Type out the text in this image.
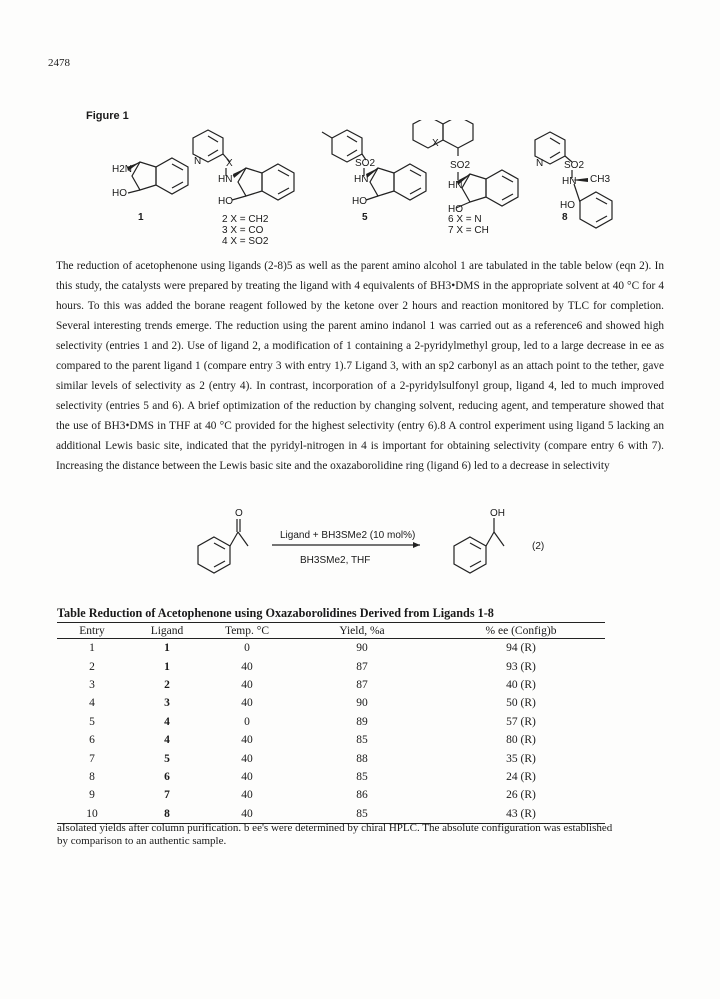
2478
Figure 1
H2N
HO
N X
HN
HO
SO2
HN
HO
X
SO2
HN
HO
N SO2
HN CH3
HO
1	5	8
2 X = CH2
3 X = CO
4 X = SO2
6 X = N
7 X = CH

The reduction of acetophenone using ligands (2-8)5 as well as the parent amino alcohol 1 are tabulated in the table below (eqn 2). In this study, the catalysts were prepared by treating the ligand with 4 equivalents of BH3•DMS in the appropriate solvent at 40 °C for 4 hours. To this was added the borane reagent followed by the ketone over 2 hours and reaction monitored by TLC for completion. Several interesting trends emerge. The reduction using the parent amino indanol 1 was carried out as a reference6 and showed high selectivity (entries 1 and 2). Use of ligand 2, a modification of 1 containing a 2-pyridylmethyl group, led to a large decrease in ee as compared to the parent ligand 1 (compare entry 3 with entry 1).7 Ligand 3, with an sp2 carbonyl as an attach point to the tether, gave similar levels of selectivity as 2 (entry 4). In contrast, incorporation of a 2-pyridylsulfonyl group, ligand 4, led to much improved selectivity (entries 5 and 6). A brief optimization of the reduction by changing solvent, reducing agent, and temperature showed that the use of BH3•DMS in THF at 40 °C provided for the highest selectivity (entry 6).8 A control experiment using ligand 5 lacking an additional Lewis basic site, indicated that the pyridyl-nitrogen in 4 is important for obtaining selectivity (compare entry 6 with 7). Increasing the distance between the Lewis basic site and the oxazaborolidine ring (ligand 6) led to a decrease in selectivity

O	OH
Ligand + BH3SMe2 (10 mol%)
BH3SMe2, THF
(2)
Table Reduction of Acetophenone using Oxazaborolidines Derived from Ligands 1-8
Entry	Ligand	Temp. °C	Yield, %a	% ee (Config)b
1	1	0	90	94 (R)
2	1	40	87	93 (R)
3	2	40	87	40 (R)
4	3	40	90	50 (R)
5	4	0	89	57 (R)
6	4	40	85	80 (R)
7	5	40	88	35 (R)
8	6	40	85	24 (R)
9	7	40	86	26 (R)
10	8	40	85	43 (R)

aIsolated yields after column purification. b ee's were determined by chiral HPLC. The absolute configuration was established by comparison to an authentic sample.
